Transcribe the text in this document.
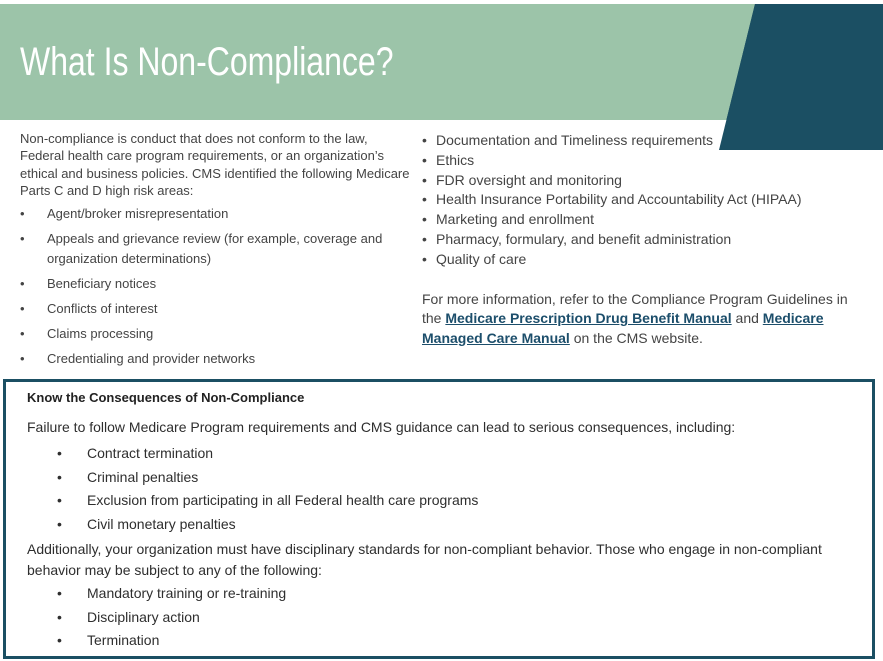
What Is Non-Compliance?

Non-compliance is conduct that does not conform to the law, Federal health care program requirements, or an organization’s ethical and business policies. CMS identified the following Medicare Parts C and D high risk areas:

• Agent/broker misrepresentation
• Appeals and grievance review (for example, coverage and organization determinations)
• Beneficiary notices
• Conflicts of interest
• Claims processing
• Credentialing and provider networks
• Documentation and Timeliness requirements
• Ethics
• FDR oversight and monitoring
• Health Insurance Portability and Accountability Act (HIPAA)
• Marketing and enrollment
• Pharmacy, formulary, and benefit administration
• Quality of care
For more information, refer to the Compliance Program Guidelines in the Medicare Prescription Drug Benefit Manual and Medicare Managed Care Manual on the CMS website.
Know the Consequences of Non-Compliance
Failure to follow Medicare Program requirements and CMS guidance can lead to serious consequences, including:
• Contract termination
• Criminal penalties
• Exclusion from participating in all Federal health care programs
• Civil monetary penalties
Additionally, your organization must have disciplinary standards for non-compliant behavior. Those who engage in non-compliant behavior may be subject to any of the following:
• Mandatory training or re-training
• Disciplinary action
• Termination
